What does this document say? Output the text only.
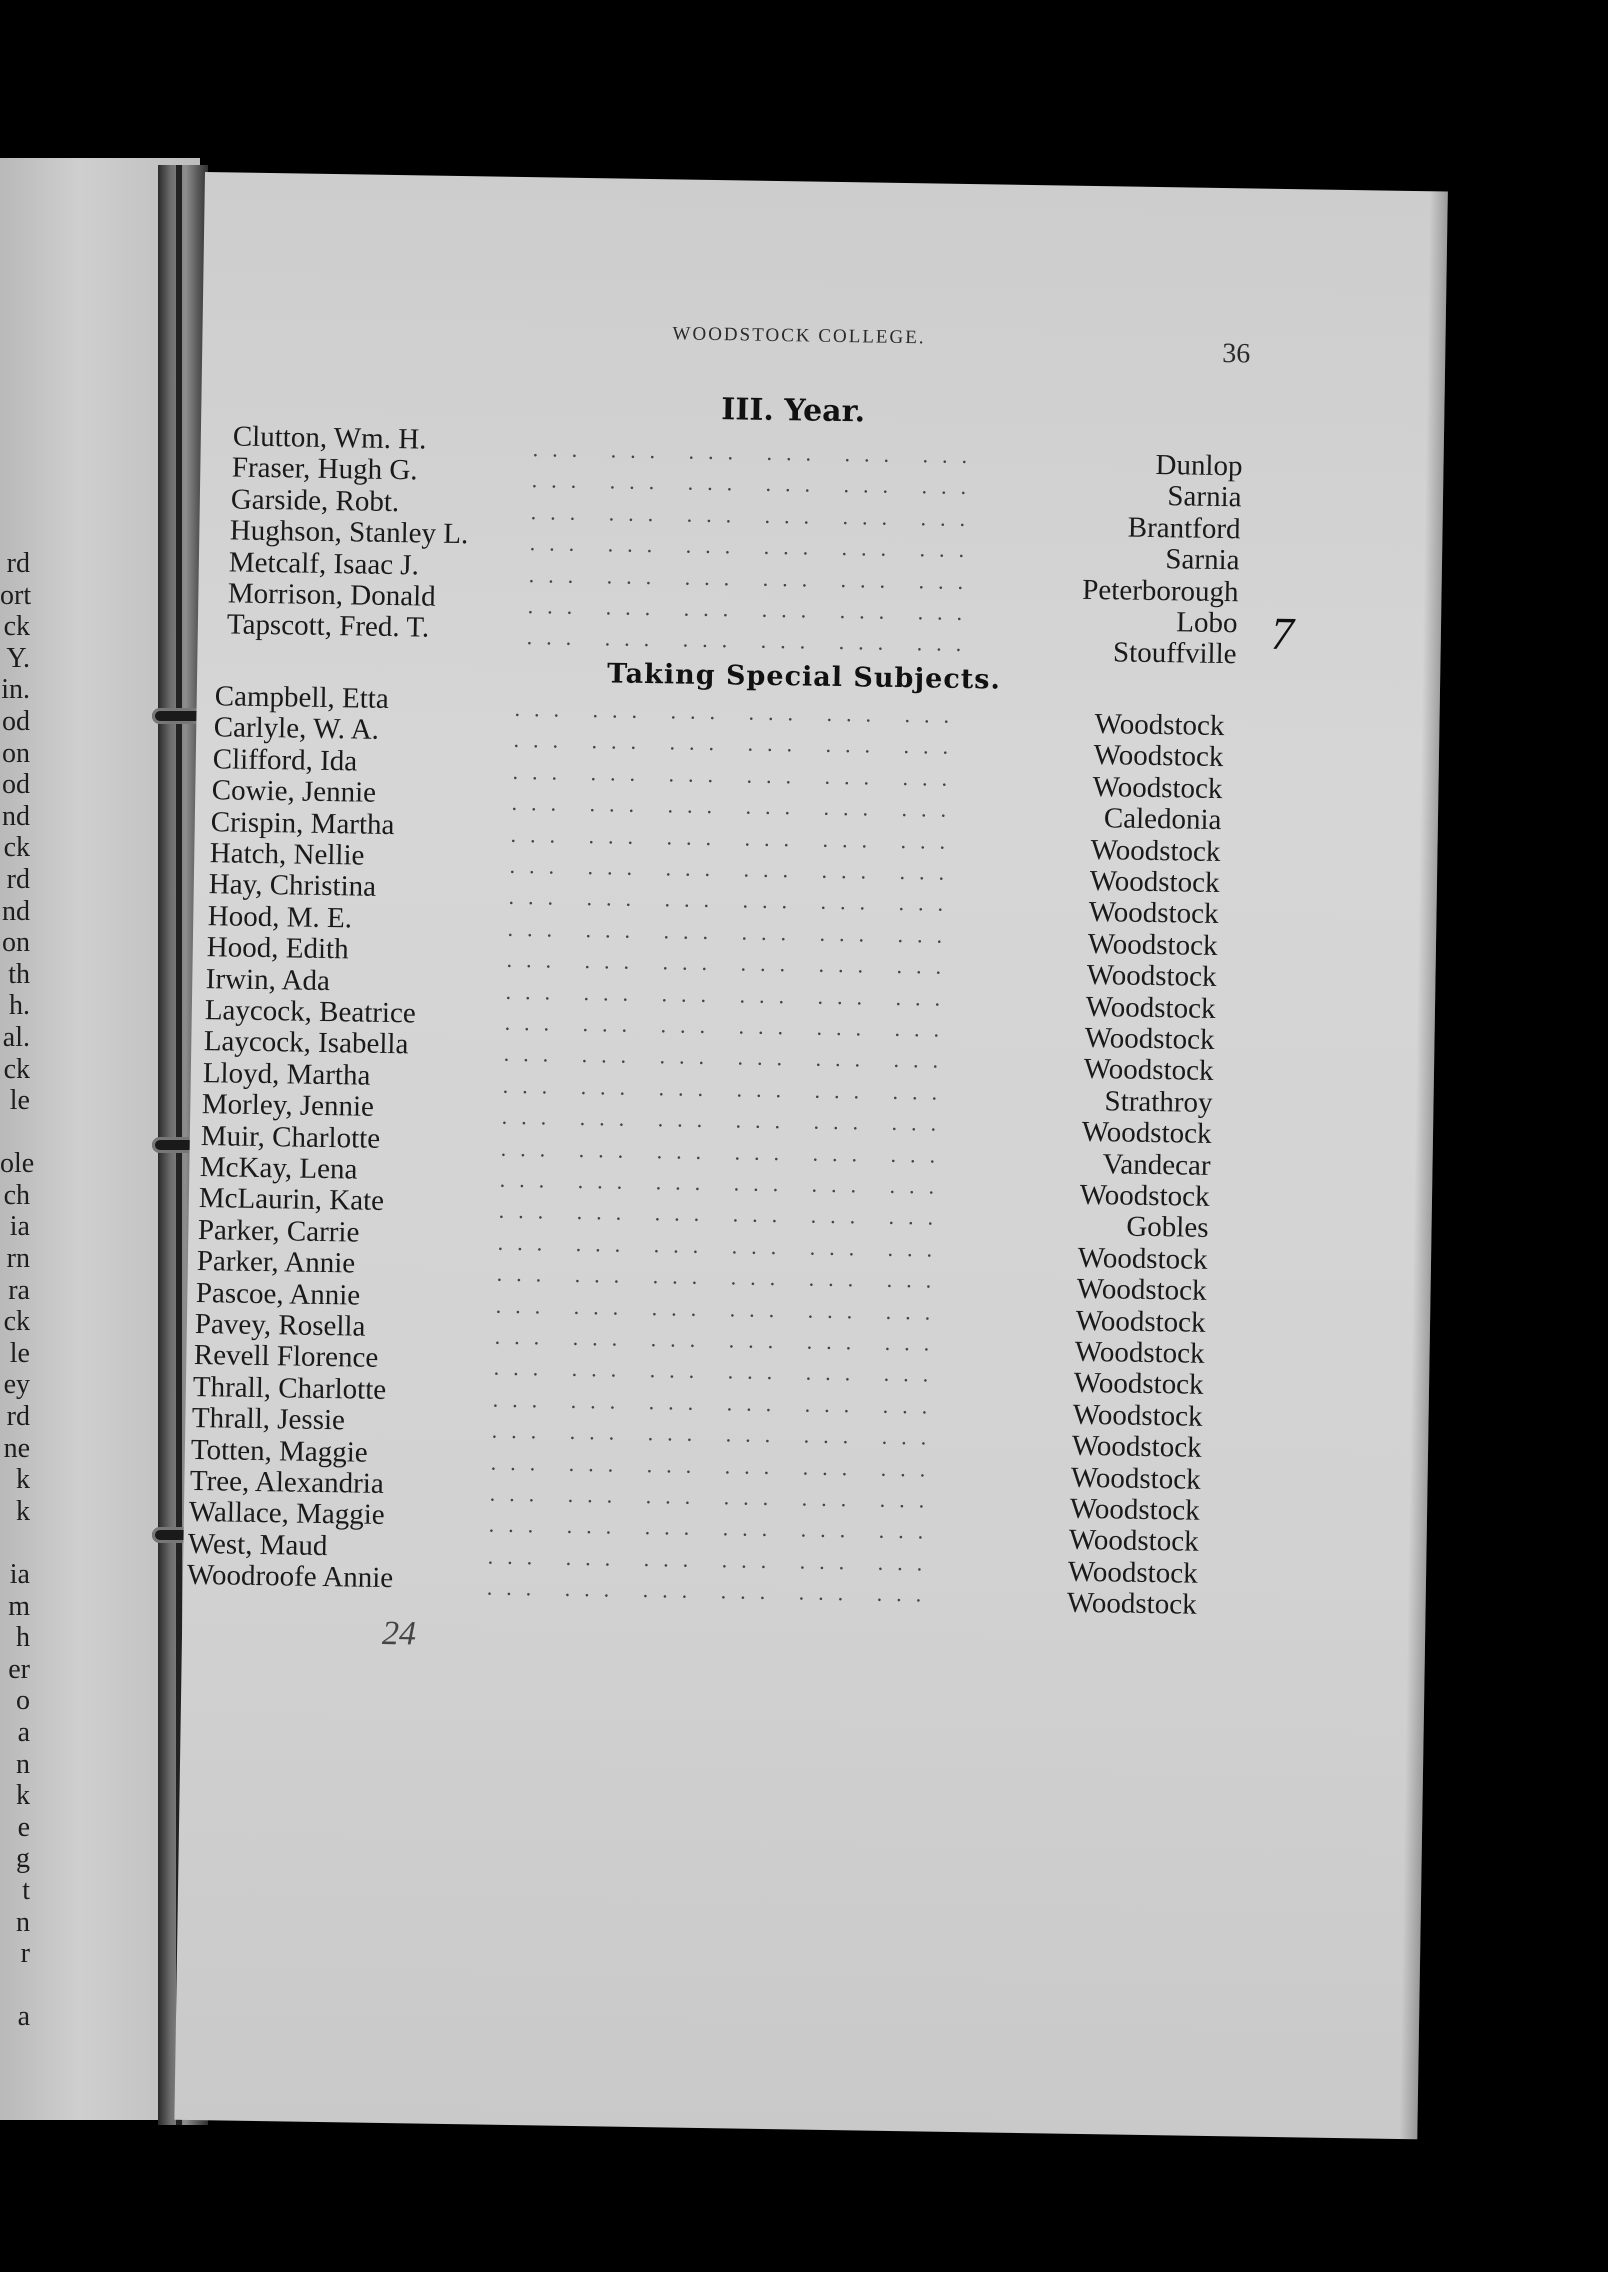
rd
ort
ck
Y.
in.
od
on
od
nd
ck
rd
nd
on
th
h.
al.
ck
le

ole
ch
ia
rn
ra
ck
le
ey
rd
ne
k
k

ia
m
h
er
o
a
n
k
e
g
t
n
r

a
WOODSTOCK COLLEGE.
36
7
24
III. Year.
Taking Special Subjects.
Clutton, Wm. H.	... ... ... ... ... ...	Dunlop
Fraser, Hugh G.	... ... ... ... ... ...	Sarnia
Garside, Robt.	... ... ... ... ... ...	Brantford
Hughson, Stanley L.	... ... ... ... ... ...	Sarnia
Metcalf, Isaac J.	... ... ... ... ... ...	Peterborough
Morrison, Donald	... ... ... ... ... ...	Lobo
Tapscott, Fred. T.	... ... ... ... ... ...	Stouffville
Campbell, Etta	... ... ... ... ... ...	Woodstock
Carlyle, W. A.	... ... ... ... ... ...	Woodstock
Clifford, Ida	... ... ... ... ... ...	Woodstock
Cowie, Jennie	... ... ... ... ... ...	Caledonia
Crispin, Martha	... ... ... ... ... ...	Woodstock
Hatch, Nellie	... ... ... ... ... ...	Woodstock
Hay, Christina	... ... ... ... ... ...	Woodstock
Hood, M. E.	... ... ... ... ... ...	Woodstock
Hood, Edith	... ... ... ... ... ...	Woodstock
Irwin, Ada	... ... ... ... ... ...	Woodstock
Laycock, Beatrice	... ... ... ... ... ...	Woodstock
Laycock, Isabella	... ... ... ... ... ...	Woodstock
Lloyd, Martha	... ... ... ... ... ...	Strathroy
Morley, Jennie	... ... ... ... ... ...	Woodstock
Muir, Charlotte	... ... ... ... ... ...	Vandecar
McKay, Lena	... ... ... ... ... ...	Woodstock
McLaurin, Kate	... ... ... ... ... ...	Gobles
Parker, Carrie	... ... ... ... ... ...	Woodstock
Parker, Annie	... ... ... ... ... ...	Woodstock
Pascoe, Annie	... ... ... ... ... ...	Woodstock
Pavey, Rosella	... ... ... ... ... ...	Woodstock
Revell Florence	... ... ... ... ... ...	Woodstock
Thrall, Charlotte	... ... ... ... ... ...	Woodstock
Thrall, Jessie	... ... ... ... ... ...	Woodstock
Totten, Maggie	... ... ... ... ... ...	Woodstock
Tree, Alexandria	... ... ... ... ... ...	Woodstock
Wallace, Maggie	... ... ... ... ... ...	Woodstock
West, Maud	... ... ... ... ... ...	Woodstock
Woodroofe Annie	... ... ... ... ... ...	Woodstock
